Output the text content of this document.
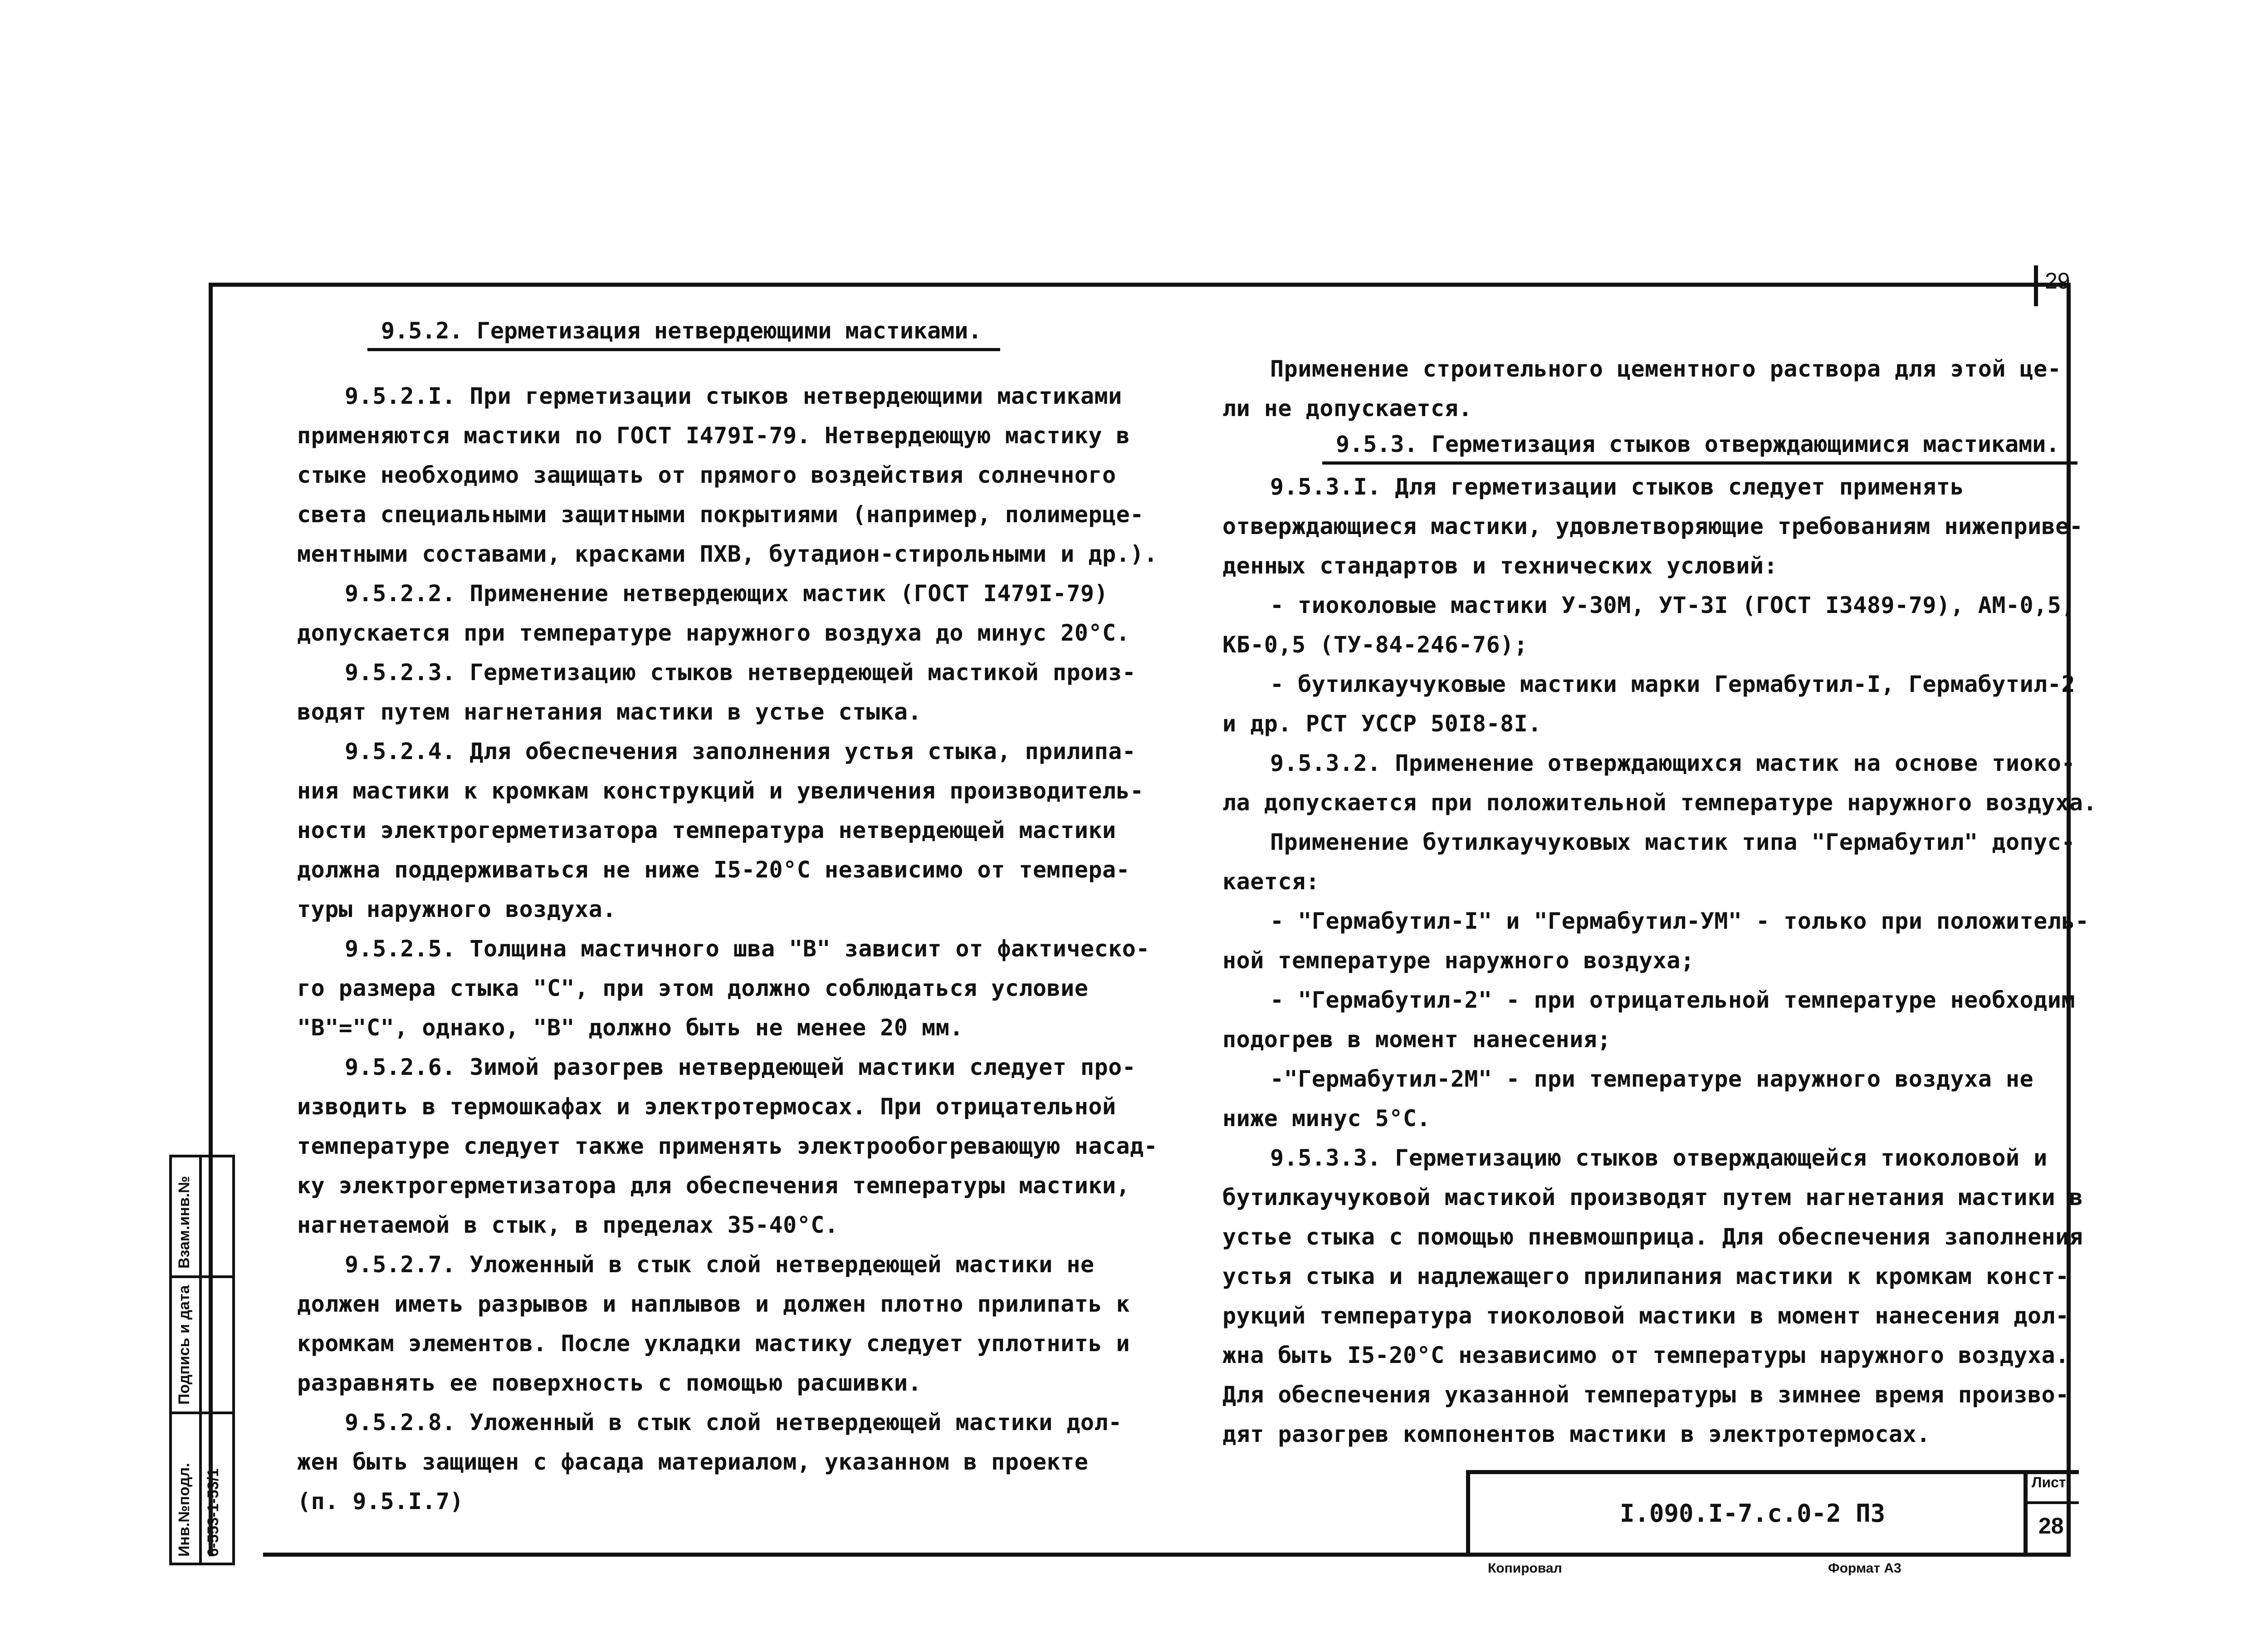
29
9.5.2. Герметизация нетвердеющими мастиками.
9.5.2.I. При герметизации стыков нетвердеющими мастиками
применяются мастики по ГОСТ I479I-79. Нетвердеющую мастику в
стыке необходимо защищать от прямого воздействия солнечного
света специальными защитными покрытиями (например, полимерце-
ментными составами, красками ПХВ, бутадион-стирольными и др.).
9.5.2.2. Применение нетвердеющих мастик (ГОСТ I479I-79)
допускается при температуре наружного воздуха до минус 20°С.
9.5.2.3. Герметизацию стыков нетвердеющей мастикой произ-
водят путем нагнетания мастики в устье стыка.
9.5.2.4. Для обеспечения заполнения устья стыка, прилипа-
ния мастики к кромкам конструкций и увеличения производитель-
ности электрогерметизатора температура нетвердеющей мастики
должна поддерживаться не ниже I5-20°С независимо от темпера-
туры наружного воздуха.
9.5.2.5. Толщина мастичного шва "В" зависит от фактическо-
го размера стыка "С", при этом должно соблюдаться условие
"В"="С", однако, "В" должно быть не менее 20 мм.
9.5.2.6. Зимой разогрев нетвердеющей мастики следует про-
изводить в термошкафах и электротермосах. При отрицательной
температуре следует также применять электрообогревающую насад-
ку электрогерметизатора для обеспечения температуры мастики,
нагнетаемой в стык, в пределах 35-40°С.
9.5.2.7. Уложенный в стык слой нетвердеющей мастики не
должен иметь разрывов и наплывов и должен плотно прилипать к
кромкам элементов. После укладки мастику следует уплотнить и
разравнять ее поверхность с помощью расшивки.
9.5.2.8. Уложенный в стык слой нетвердеющей мастики дол-
жен быть защищен с фасада материалом, указанном в проекте
(п. 9.5.I.7)
Применение строительного цементного раствора для этой це-
ли не допускается.
9.5.3. Герметизация стыков отверждающимися мастиками.
9.5.3.I. Для герметизации стыков следует применять
отверждающиеся мастики, удовлетворяющие требованиям нижеприве-
денных стандартов и технических условий:
- тиоколовые мастики У-30М, УТ-3I (ГОСТ I3489-79), АМ-0,5,
КБ-0,5 (ТУ-84-246-76);
- бутилкаучуковые мастики марки Гермабутил-I, Гермабутил-2
и др. РСТ УССР 50I8-8I.
9.5.3.2. Применение отверждающихся мастик на основе тиоко-
ла допускается при положительной температуре наружного воздуха.
Применение бутилкаучуковых мастик типа "Гермабутил" допус-
кается:
- "Гермабутил-I" и "Гермабутил-УМ" - только при положитель-
ной температуре наружного воздуха;
- "Гермабутил-2" - при отрицательной температуре необходим
подогрев в момент нанесения;
-"Гермабутил-2М" - при температуре наружного воздуха не
ниже минус 5°С.
9.5.3.3. Герметизацию стыков отверждающейся тиоколовой и
бутилкаучуковой мастикой производят путем нагнетания мастики в
устье стыка с помощью пневмошприца. Для обеспечения заполнения
устья стыка и надлежащего прилипания мастики к кромкам конст-
рукций температура тиоколовой мастики в момент нанесения дол-
жна быть I5-20°С независимо от температуры наружного воздуха.
Для обеспечения указанной температуры в зимнее время произво-
дят разогрев компонентов мастики в электротермосах.
Инв.№подл. 6-553-1-53/1
Подпись и дата
Взам.инв.№
I.090.I-7.с.0-2 ПЗ
Лист
28
Копировал	Формат А3
